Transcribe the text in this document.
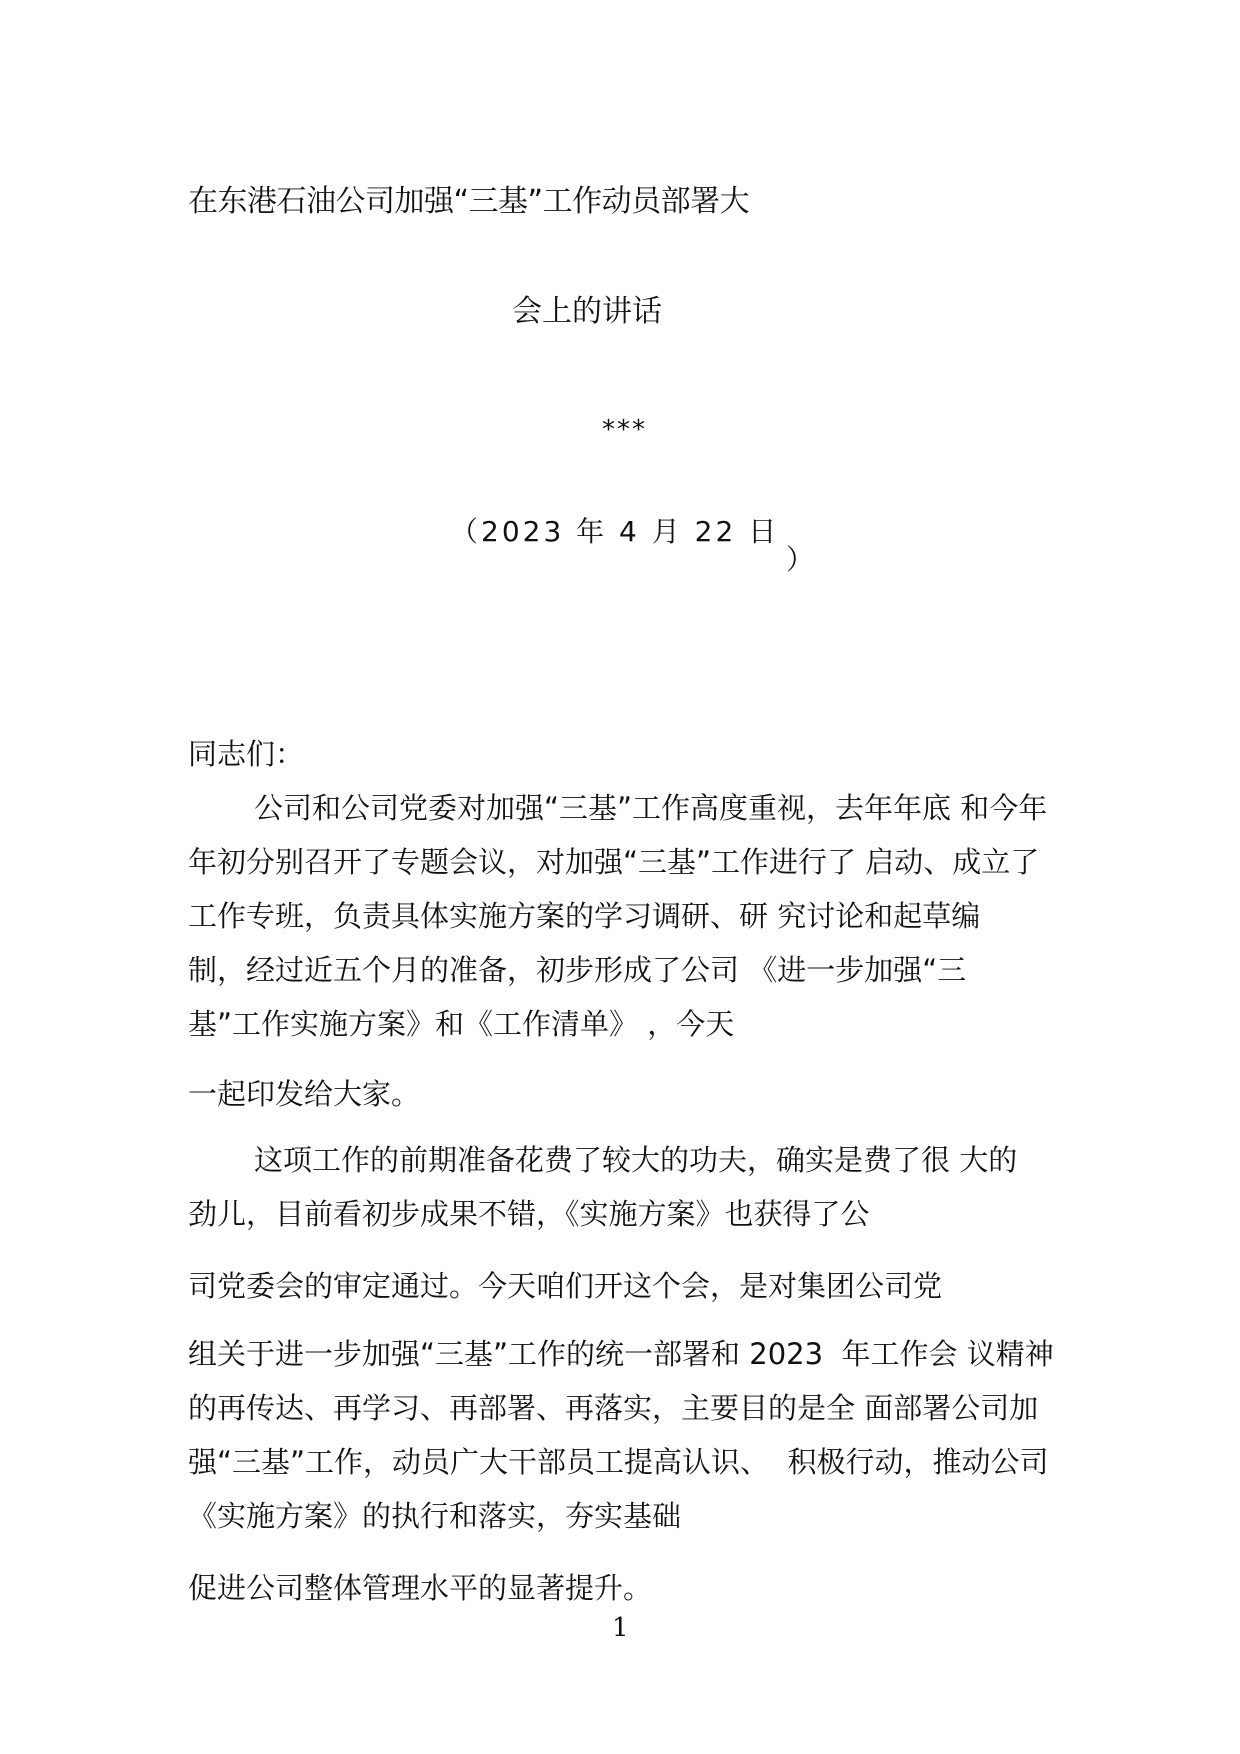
在东港石油公司加强“三基”工作动员部署大

会上的讲话

***

（2023 年 4 月 22 日

）

同志们：

公司和公司党委对加强“三基”工作高度重视，去年年底 和今年

年初分别召开了专题会议，对加强“三基”工作进行了 启动、成立了

工作专班，负责具体实施方案的学习调研、研 究讨论和起草编

制，经过近五个月的准备，初步形成了公司 《进一步加强“三

基”工作实施方案》和《工作清单》 ，今天

一起印发给大家。

这项工作的前期准备花费了较大的功夫，确实是费了很 大的

劲儿，目前看初步成果不错，《实施方案》也获得了公

司党委会的审定通过。今天咱们开这个会，是对集团公司党

组关于进一步加强“三基”工作的统一部署和 2023  年工作会 议精神

的再传达、再学习、再部署、再落实，主要目的是全 面部署公司加

强“三基”工作，动员广大干部员工提高认识、  积极行动，推动公司

《实施方案》的执行和落实，夯实基础

促进公司整体管理水平的显著提升。

1
